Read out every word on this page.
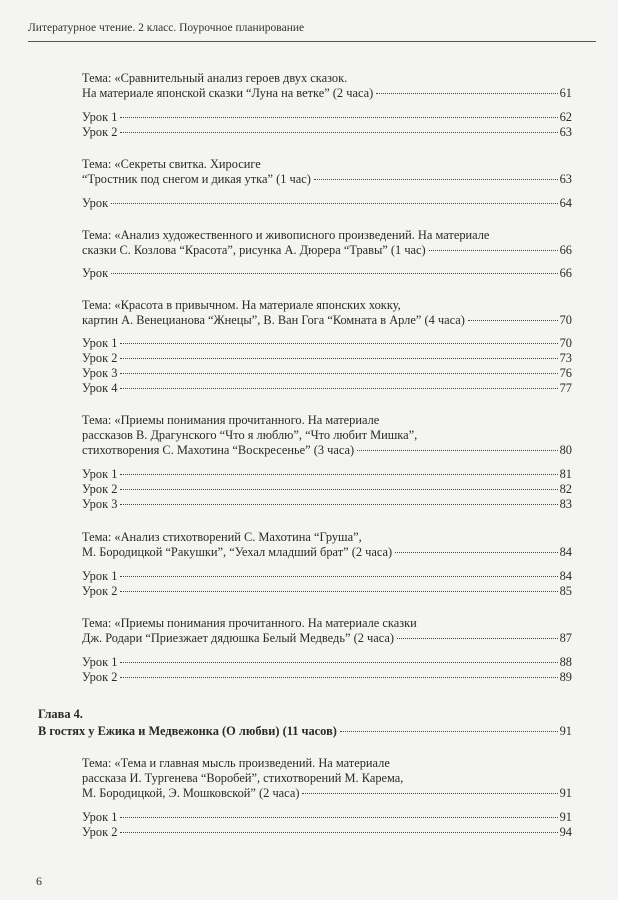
Литературное чтение. 2 класс. Поурочное планирование
Тема: «Сравнительный анализ героев двух сказок.
На материале японской сказки “Луна на ветке” (2 часа)	61
Урок 1	62
Урок 2	63
Тема: «Секреты свитка. Хиросиге
“Тростник под снегом и дикая утка” (1 час)	63
Урок	64
Тема: «Анализ художественного и живописного произведений. На материале
сказки С. Козлова “Красота”, рисунка А. Дюрера “Травы” (1 час)	66
Урок	66
Тема: «Красота в привычном. На материале японских хокку,
картин А. Венецианова “Жнецы”, В. Ван Гога “Комната в Арле” (4 часа)	70
Урок 1	70
Урок 2	73
Урок 3	76
Урок 4	77
Тема: «Приемы понимания прочитанного. На материале
рассказов В. Драгунского “Что я люблю”, “Что любит Мишка”,
стихотворения С. Махотина “Воскресенье” (3 часа)	80
Урок 1	81
Урок 2	82
Урок 3	83
Тема: «Анализ стихотворений С. Махотина “Груша”,
М. Бородицкой “Ракушки”, “Уехал младший брат” (2 часа)	84
Урок 1	84
Урок 2	85
Тема: «Приемы понимания прочитанного. На материале сказки
Дж. Родари “Приезжает дядюшка Белый Медведь” (2 часа)	87
Урок 1	88
Урок 2	89
Глава 4.
В гостях у Ежика и Медвежонка (О любви) (11 часов)	91
Тема: «Тема и главная мысль произведений. На материале
рассказа И. Тургенева “Воробей”, стихотворений М. Карема,
М. Бородицкой, Э. Мошковской” (2 часа)	91
Урок 1	91
Урок 2	94
6
